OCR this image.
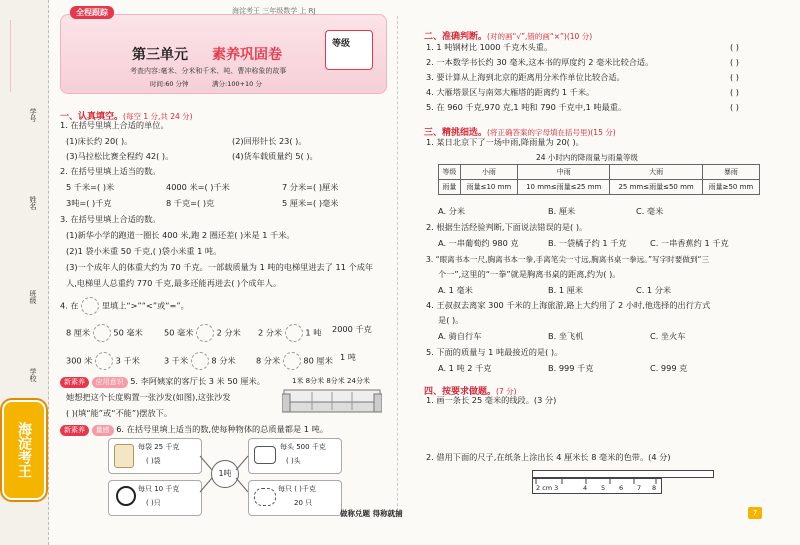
………………………………
学号
姓名
班级
学校
海淀考王
全程跟踪	海淀考王 三年级数学 上 RJ
第三单元 素养巩固卷
等级
考查内容:毫米、分米和千米、吨、曹冲称象的故事
时间:60 分钟	满分:100+10 分
一、认真填空。(每空 1 分,共 24 分)
1. 在括号里填上合适的单位。
(1)床长约 20( )。	(2)回形针长 23( )。
(3)马拉松比赛全程约 42( )。	(4)货车载质量约 5( )。
2. 在括号里填上适当的数。
5 千米=( )米	4000 米=( )千米	7 分米=( )厘米
3吨=( )千克	8 千克=( )克	5 厘米=( )毫米
3. 在括号里填上合适的数。
(1)新华小学的跑道一圈长 400 米,跑 2 圈还差( )米是 1 千米。
(2)1 袋小米重 50 千克,( )袋小米重 1 吨。
(3)一个成年人的体重大约为 70 千克。一部载质量为 1 吨的电梯里进去了 11 个成年
人,电梯里人总重约 770 千克,最多还能再进去( )个成年人。
4. 在	里填上“>”“<”或“=”。
8 厘米	50 毫米	50 毫米	2 分米 2 分米	1 吨 2000 千克
300 米	3 千米	3 千米	8 分米 8 分米	80 厘米 1 吨
新素养 应用意识 5. 李阿姨家的客厅长 3 米 50 厘米。
她想把这个长度购置一张沙发(如图),这张沙发
( )(填“能”或“不能”)摆放下。
1米 8分米 8分米 24分米
新素养 量感 6. 在括号里填上适当的数,使每种物体的总质量都是 1 吨。
每袋 25 千克
( )袋
每只 10 千克
( )只
1吨
每头 500 千克
( )头
每只 ( )千克
20 只
二、准确判断。(对的画“√”,错的画“×”)(10 分)
1. 1 吨钢材比 1000 千克木头重。
2. 一本数学书长约 30 毫米,这本书的厚度约 2 毫米比较合适。
3. 要计算从上海到北京的距离用分米作单位比较合适。
4. 大雁塔景区与南郊大雁塔的距离约 1 千米。
5. 在 960 千克,970 克,1 吨和 790 千克中,1 吨最重。
( )
( )
( )
( )
( )
三、精挑细选。(将正确答案的字母填在括号里)(15 分)
1. 某日北京下了一场中雨,降雨量为 20( )。
24 小时内的降雨量与雨量等级
等级	小雨	中雨	大雨	暴雨
雨量	雨量≤10 mm	10 mm≤雨量≤25 mm	25 mm≤雨量≤50 mm	雨量≥50 mm
A. 分米	B. 厘米	C. 毫米
2. 根据生活经验判断,下面说法错误的是( )。
A. 一串葡萄约 980 克	B. 一袋橘子约 1 千克	C. 一串香蕉约 1 千克
3. “眼离书本一尺,胸离书本一拳,手离笔尖一寸远,胸离书桌一拳远。”写字时要做到“三
个一”,这里的“一拳”就是胸离书桌的距离,约为( )。
A. 1 毫米	B. 1 厘米	C. 1 分米
4. 王叔叔去离家 300 千米的上海旅游,路上大约用了 2 小时,他选择的出行方式
是( )。
A. 骑自行车	B. 坐飞机	C. 坐火车
5. 下面的质量与 1 吨最接近的是( )。
A. 1 吨 2 千克	B. 999 千克	C. 999 克
四、按要求做题。(7 分)
1. 画一条长 25 毫米的线段。(3 分)
2. 借用下面的尺子,在纸条上涂出长 4 厘米长 8 毫米的色带。(4 分)
2 cm 3	4 5 6 7 8
做称兑题 得称就捕	7
